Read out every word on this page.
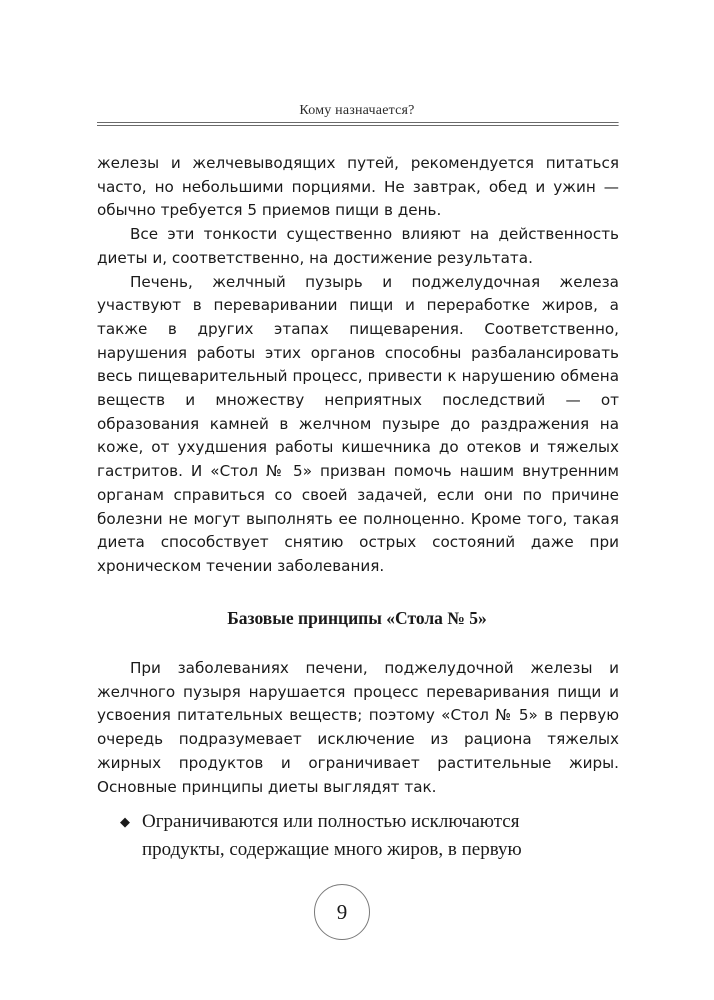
Кому назначается?

железы и желчевыводящих путей, рекомендуется питаться часто, но небольшими порциями. Не завтрак, обед и ужин — обычно требуется 5 приемов пищи в день.

Все эти тонкости существенно влияют на действенность диеты и, соответственно, на достижение результата.

Печень, желчный пузырь и поджелудочная железа участвуют в переваривании пищи и переработке жиров, а также в других этапах пищеварения. Соответственно, нарушения работы этих органов способны разбалансировать весь пищеварительный процесс, привести к нарушению обмена веществ и множеству неприятных последствий — от образования камней в желчном пузыре до раздражения на коже, от ухудшения работы кишечника до отеков и тяжелых гастритов. И «Стол № 5» призван помочь нашим внутренним органам справиться со своей задачей, если они по причине болезни не могут выполнять ее полноценно. Кроме того, такая диета способствует снятию острых состояний даже при хроническом течении заболевания.

Базовые принципы «Стола № 5»

При заболеваниях печени, поджелудочной железы и желчного пузыря нарушается процесс переваривания пищи и усвоения питательных веществ; поэтому «Стол № 5» в первую очередь подразумевает исключение из рациона тяжелых жирных продуктов и ограничивает растительные жиры. Основные принципы диеты выглядят так.

◆ Ограничиваются или полностью исключаются продукты, содержащие много жиров, в первую
9
